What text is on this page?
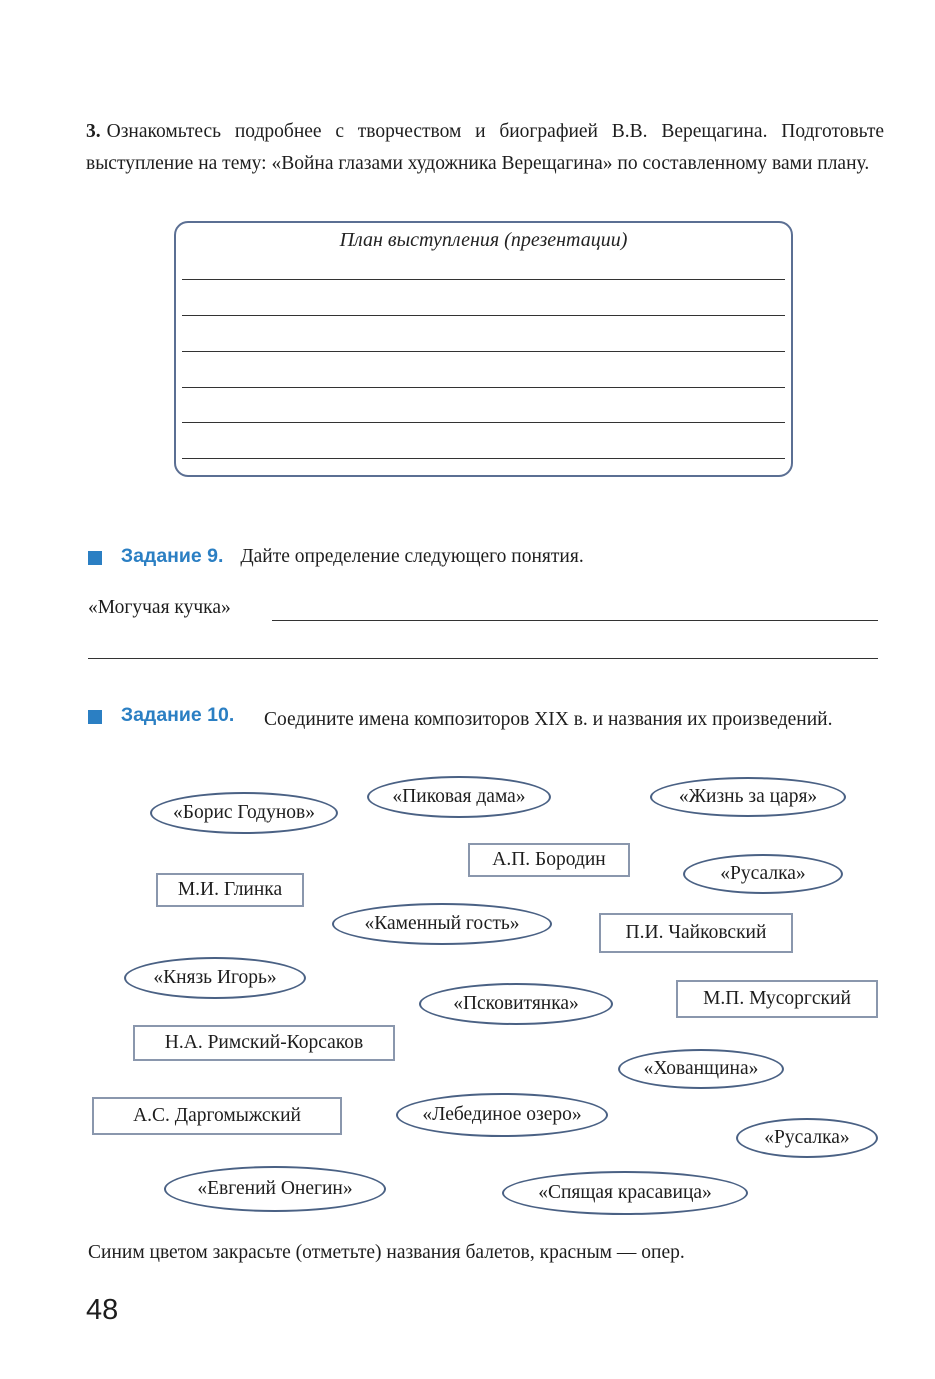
3. Ознакомьтесь подробнее с творчеством и биографией В.В. Верещагина. Подготовьте выступление на тему: «Война глазами художника Верещагина» по составленному вами плану.
План выступления (презентации)
Задание 9. Дайте определение следующего понятия.
«Могучая кучка»
Задание 10. Соедините имена композиторов XIX в. и названия их произведений.
А.П. Бородин
М.И. Глинка
П.И. Чайковский
М.П. Мусоргский
Н.А. Римский-Корсаков
А.С. Даргомыжский
«Борис Годунов»
«Пиковая дама»	«Жизнь за царя»
«Русалка»
«Каменный гость»
«Князь Игорь»
«Псковитянка»
«Хованщина»
«Лебединое озеро»
«Русалка»
«Евгений Онегин»	«Спящая красавица»
Синим цветом закрасьте (отметьте) названия балетов, красным — опер.
48
